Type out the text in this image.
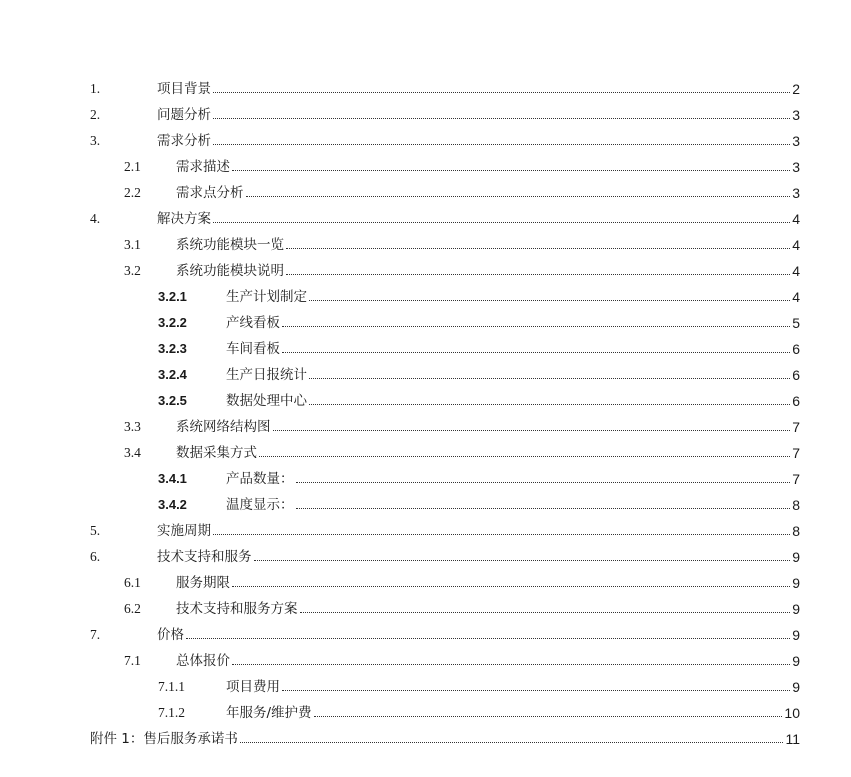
1.	项目背景	2
2.	问题分析	3
3.	需求分析	3
2.1	需求描述	3
2.2	需求点分析	3
4.	解决方案	4
3.1	系统功能模块一览	4
3.2	系统功能模块说明	4
3.2.1	生产计划制定	4
3.2.2	产线看板	5
3.2.3	车间看板	6
3.2.4	生产日报统计	6
3.2.5	数据处理中心	6
3.3	系统网络结构图	7
3.4	数据采集方式	7
3.4.1	产品数量：	7
3.4.2	温度显示：	8
5.	实施周期	8
6.	技术支持和服务	9
6.1	服务期限	9
6.2	技术支持和服务方案	9
7.	价格	9
7.1	总体报价	9
7.1.1	项目费用	9
7.1.2	年服务/维护费	10
附件 1：售后服务承诺书	11
